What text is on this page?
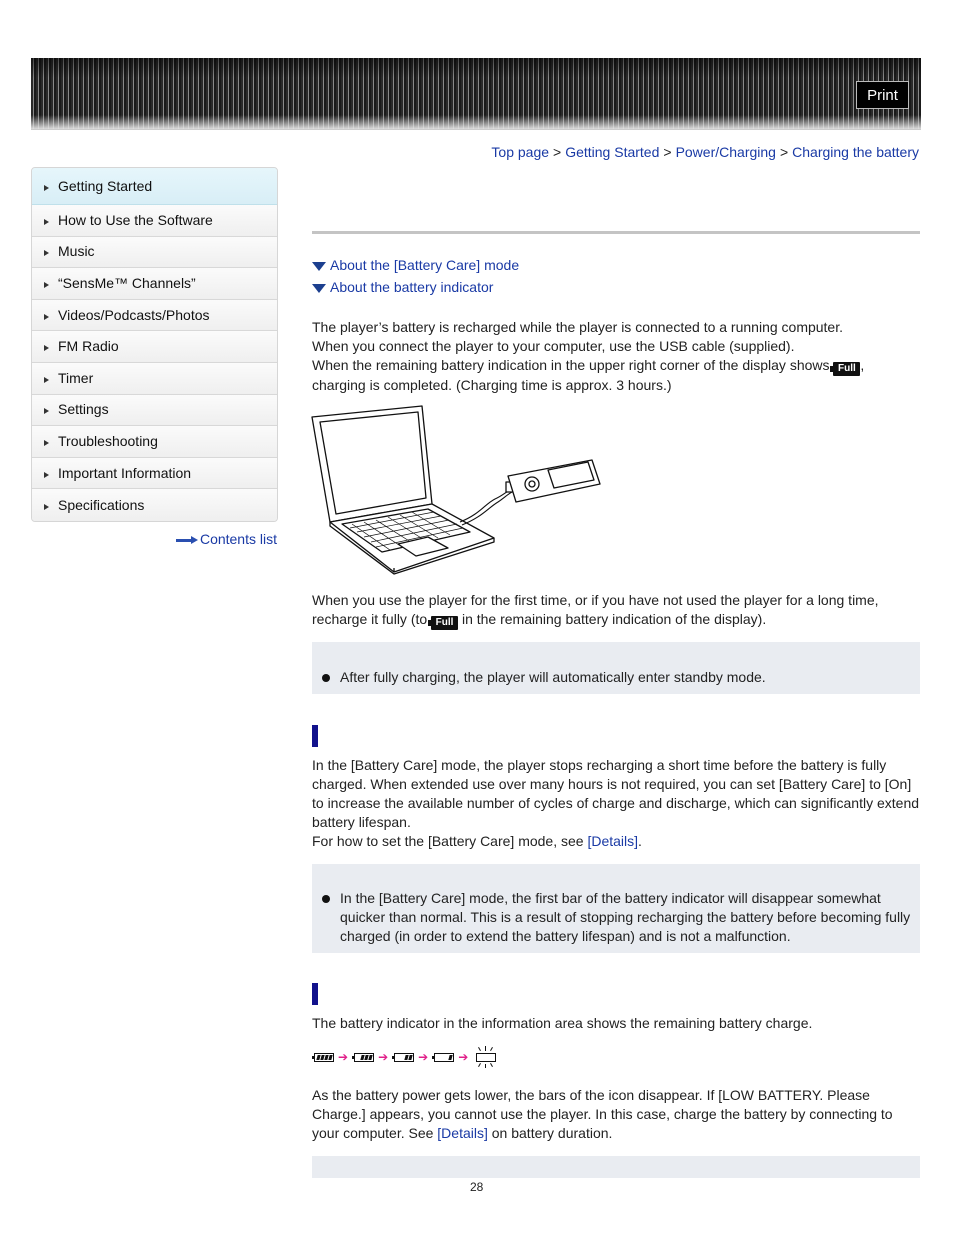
Print
Top page > Getting Started > Power/Charging > Charging the battery
Getting Started
How to Use the Software
Music
“SensMe™ Channels”
Videos/Podcasts/Photos
FM Radio
Timer
Settings
Troubleshooting
Important Information
Specifications
Contents list
About the [Battery Care] mode
About the battery indicator
The player’s battery is recharged while the player is connected to a running computer.
When you connect the player to your computer, use the USB cable (supplied).
When the remaining battery indication in the upper right corner of the display shows Full ,
charging is completed. (Charging time is approx. 3 hours.)
When you use the player for the first time, or if you have not used the player for a long time,
recharge it fully (to Full in the remaining battery indication of the display).
After fully charging, the player will automatically enter standby mode.
In the [Battery Care] mode, the player stops recharging a short time before the battery is fully charged. When extended use over many hours is not required, you can set [Battery Care] to [On] to increase the available number of cycles of charge and discharge, which can significantly extend battery lifespan.
For how to set the [Battery Care] mode, see [Details].
In the [Battery Care] mode, the first bar of the battery indicator will disappear somewhat quicker than normal. This is a result of stopping recharging the battery before becoming fully charged (in order to extend the battery lifespan) and is not a malfunction.
The battery indicator in the information area shows the remaining battery charge.
➔	➔	➔	➔
As the battery power gets lower, the bars of the icon disappear. If [LOW BATTERY. Please Charge.] appears, you cannot use the player. In this case, charge the battery by connecting to your computer. See [Details] on battery duration.
28
